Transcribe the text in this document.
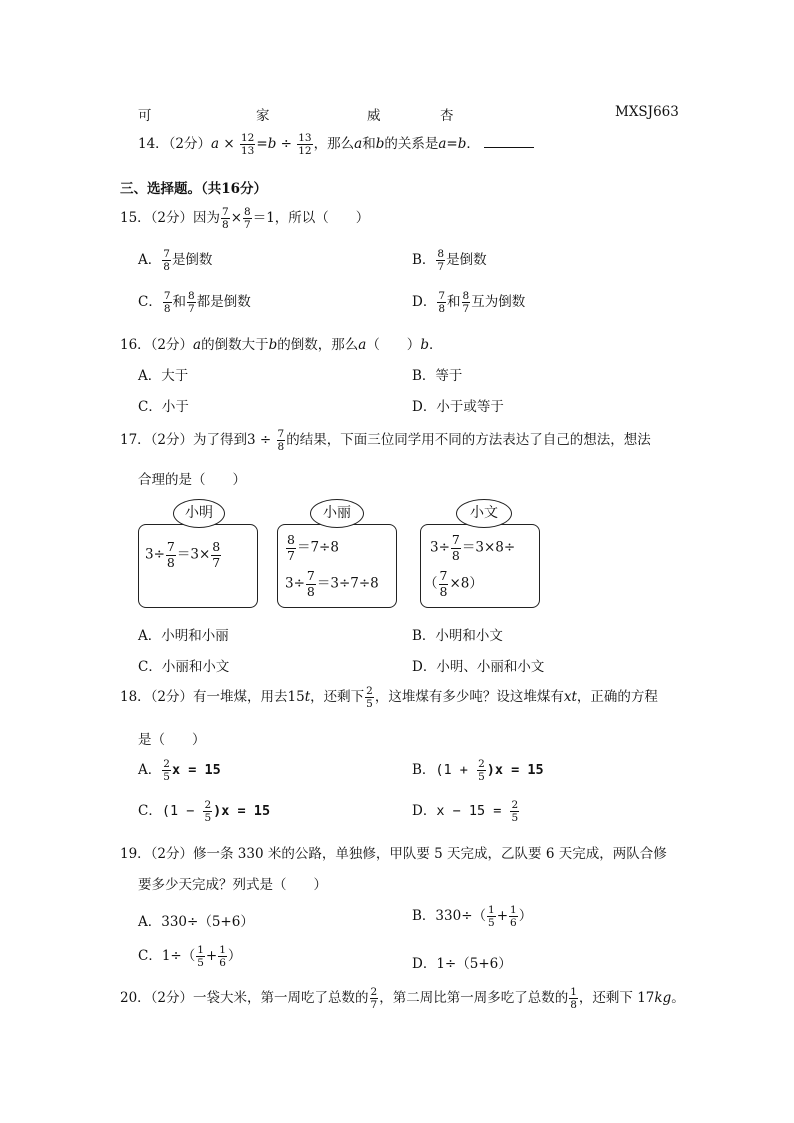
可	家	威	杏	MXSJ663
14．（2分）$a \times \frac{12}{13} =b \div \frac{13}{12}$ ，那么a和b的关系是a=b．
三、选择题。（共16分）
15．（2分）因为 $\frac{7}{8} \times \frac{8}{7} =1$，所以（　　）
A． $\frac{7}{8}$ 是倒数	B． $\frac{8}{7}$ 是倒数
C． $\frac{7}{8}$ 和 $\frac{8}{7}$ 都是倒数	D． $\frac{7}{8}$ 和 $\frac{8}{7}$ 互为倒数
16．（2分）a的倒数大于b的倒数，那么a（　　）b．
A．大于	B．等于
C．小于	D．小于或等于
17．（2分）为了得到$3 \div \frac{7}{8}$ 的结果，下面三位同学用不同的方法表达了自己的想法，想法
合理的是（　　）
小明
$3\div \frac{7}{8} =3\times \frac{8}{7}$
小丽
$\frac{8}{7} =7\div 8$
$3\div \frac{7}{8} =3\div 7\div 8$
小文
$3\div \frac{7}{8} =3\times 8\div$
（ $\frac{7}{8} \times 8$）
A．小明和小丽	B．小明和小文
C．小丽和小文	D．小明、小丽和小文
18．（2分）有一堆煤，用去15t，还剩下 $\frac{2}{5}$ ，这堆煤有多少吨？设这堆煤有xt，正确的方程
是（　　）
A． $\frac{2}{5}$ x = 15	B．$(1 + \frac{2}{5} )x = 15$
C．$(1 - \frac{2}{5} )x = 15$	D．$x - 15 = \frac{2}{5}$
19．（2分）修一条 330 米的公路，单独修，甲队要 5 天完成，乙队要 6 天完成，两队合修
要多少天完成？列式是（　　）
A．330÷（5+6）	B．$330\div( \frac{1}{5} + \frac{1}{6}$ ）
C．$1\div( \frac{1}{5} + \frac{1}{6}$ ）	D．1÷（5+6）
20．（2分）一袋大米，第一周吃了总数的 $\frac{2}{7}$ ，第二周比第一周多吃了总数的 $\frac{1}{8}$ ，还剩下 17kg。
